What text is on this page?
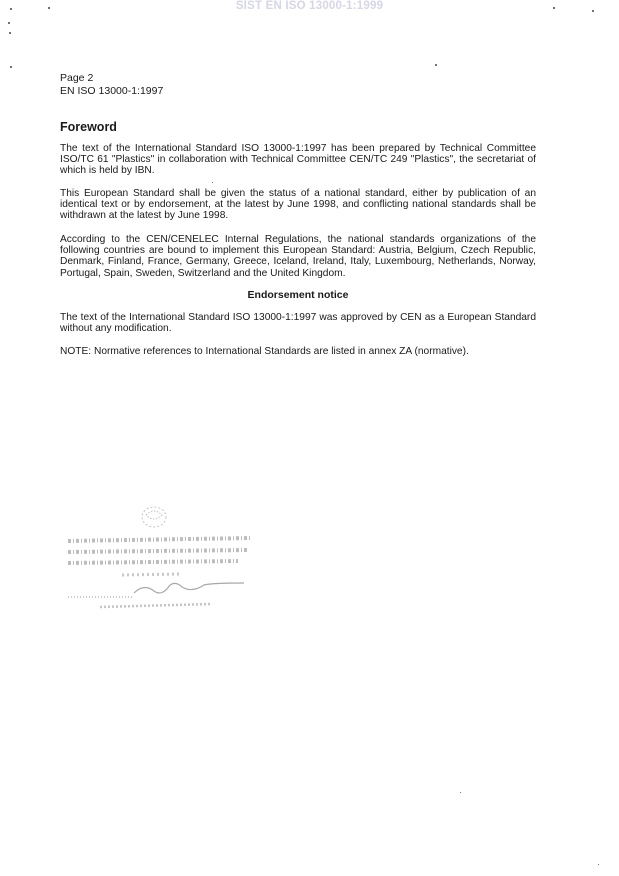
SIST EN ISO 13000-1:1999
Page 2
EN ISO 13000-1:1997
Foreword

The text of the International Standard ISO 13000-1:1997 has been prepared by Technical Committee ISO/TC 61 "Plastics" in collaboration with Technical Committee CEN/TC 249 "Plastics", the secretariat of which is held by IBN.

This European Standard shall be given the status of a national standard, either by publication of an identical text or by endorsement, at the latest by June 1998, and conflicting national standards shall be withdrawn at the latest by June 1998.

According to the CEN/CENELEC Internal Regulations, the national standards organizations of the following countries are bound to implement this European Standard: Austria, Belgium, Czech Republic, Denmark, Finland, France, Germany, Greece, Iceland, Ireland, Italy, Luxembourg, Netherlands, Norway, Portugal, Spain, Sweden, Switzerland and the United Kingdom.

Endorsement notice

The text of the International Standard ISO 13000-1:1997 was approved by CEN as a European Standard without any modification.

NOTE: Normative references to International Standards are listed in annex ZA (normative).
